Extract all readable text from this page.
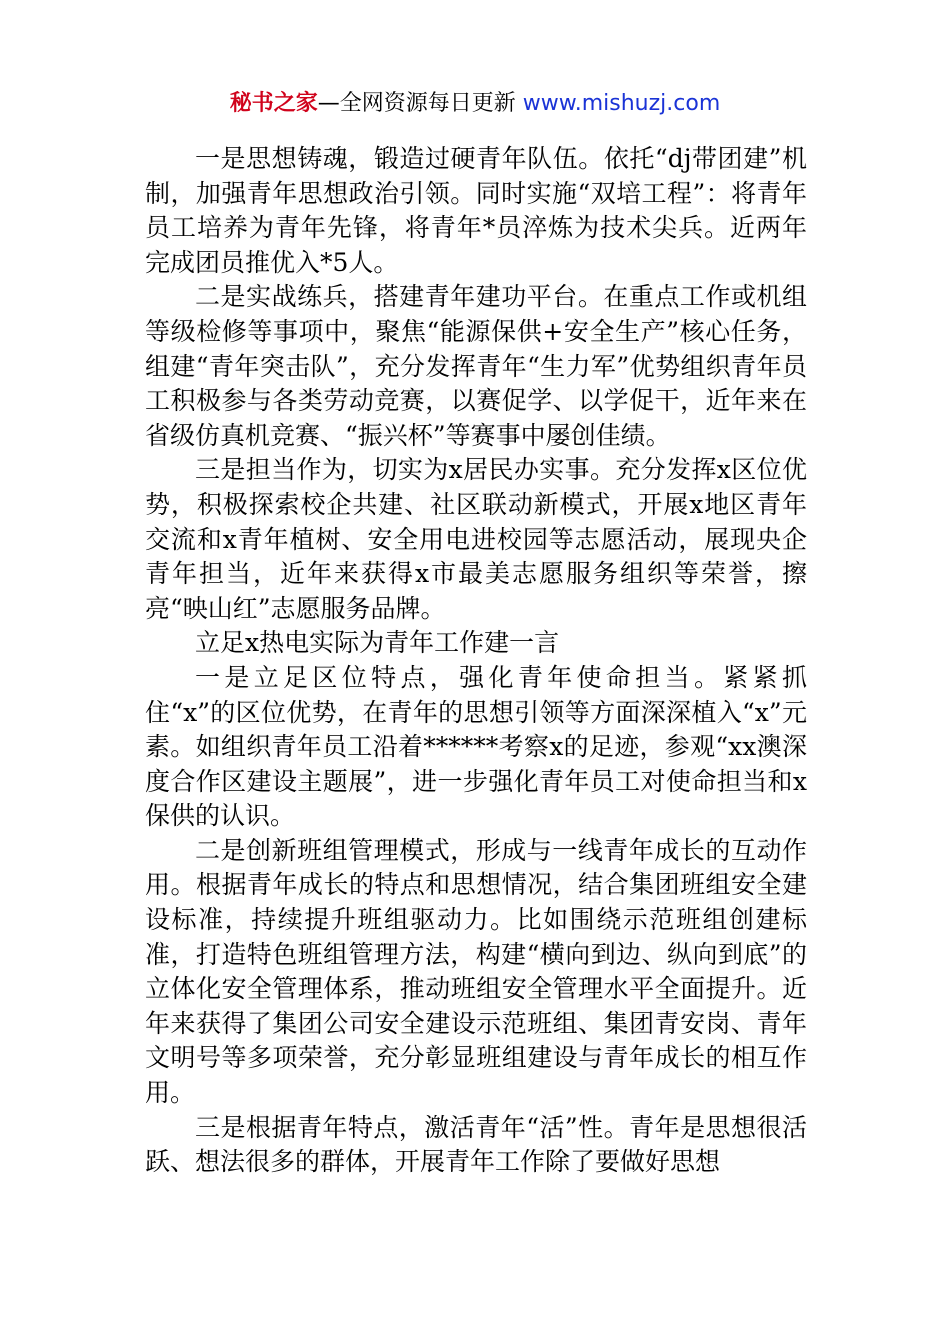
秘书之家—全网资源每日更新 www.mishuzj.com

一是思想铸魂，锻造过硬青年队伍。依托“dj带团建”机制，加强青年思想政治引领。同时实施“双培工程”：将青年员工培养为青年先锋，将青年*员淬炼为技术尖兵。近两年完成团员推优入*5人。

二是实战练兵，搭建青年建功平台。在重点工作或机组等级检修等事项中，聚焦“能源保供+安全生产”核心任务，组建“青年突击队”，充分发挥青年“生力军”优势组织青年员工积极参与各类劳动竞赛，以赛促学、以学促干，近年来在省级仿真机竞赛、“振兴杯”等赛事中屡创佳绩。

三是担当作为，切实为x居民办实事。充分发挥x区位优势，积极探索校企共建、社区联动新模式，开展x地区青年交流和x青年植树、安全用电进校园等志愿活动，展现央企青年担当，近年来获得x市最美志愿服务组织等荣誉，擦亮“映山红”志愿服务品牌。

立足x热电实际为青年工作建一言

一是立足区位特点，强化青年使命担当。紧紧抓住“x”的区位优势，在青年的思想引领等方面深深植入“x”元素。如组织青年员工沿着******考察x的足迹，参观“xx澳深度合作区建设主题展”，进一步强化青年员工对使命担当和x保供的认识。

二是创新班组管理模式，形成与一线青年成长的互动作用。根据青年成长的特点和思想情况，结合集团班组安全建设标准，持续提升班组驱动力。比如围绕示范班组创建标准，打造特色班组管理方法，构建“横向到边、纵向到底”的立体化安全管理体系，推动班组安全管理水平全面提升。近年来获得了集团公司安全建设示范班组、集团青安岗、青年文明号等多项荣誉，充分彰显班组建设与青年成长的相互作用。

三是根据青年特点，激活青年“活”性。青年是思想很活跃、想法很多的群体，开展青年工作除了要做好思想
